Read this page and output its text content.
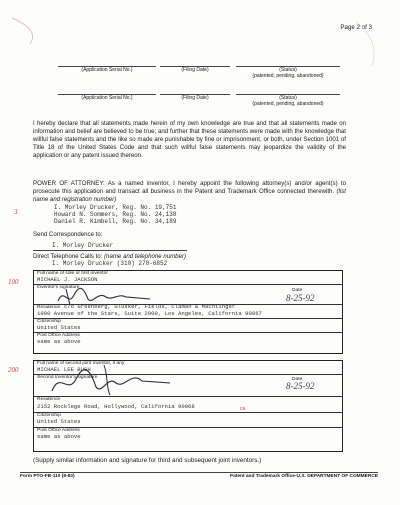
Page 2 of 3
(Application Serial No.)	(Filing Date)	(Status)
(patented, pending, abandoned)
(Application Serial No.)	(Filing Date)	(Status)
(patented, pending, abandoned)
I hereby declare that all statements made herein of my own knowledge are true and that all statements made on information and belief are believed to be true; and further that these statements were made with the knowledge that willful false statements and the like so made are punishable by fine or imprisonment, or both, under Section 1001 of Title 18 of the United States Code and that such willful false statements may jeopardize the validity of the application or any patent issued thereon.
POWER OF ATTORNEY: As a named inventor, I hereby appoint the following attorney(s) and/or agent(s) to prosecute this application and transact all business in the Patent and Trademark Office connected therewith. (list name and registration number)
I. Morley Drucker, Reg. No. 19,751
Howard N. Sommers, Reg. No. 24,138
Daniel R. Kimbell, Reg. No. 34,189
Send Correspondence to:
I. Morley Drucker
Direct Telephone Calls to: (name and telephone number)
I. Morley Drucker (310) 278-6852
Full name of sole or first inventor
MICHAEL J. JACKSON
Inventor's signature
Date
8-25-92
Residence c/o Greenberg, Glusker, Fields, Claman & Machtinger
1900 Avenue of the Stars, Suite 2000, Los Angeles, California 90067
Citizenship
United States
Post Office Address
same as above
Full name of second joint inventor, if any
MICHAEL LEE BUSH
Second Inventor's signature	Date
8-25-92
Residence
2152 Rocklege Road, Hollywood, California 90068	ca
Citizenship
United States
Post Office Address
same as above
(Supply similar information and signature for third and subsequent joint inventors.)
Form PTO-FB-110 (8-83)	Patent and Trademark Office-U.S. DEPARTMENT OF COMMERCE
3
100
200
